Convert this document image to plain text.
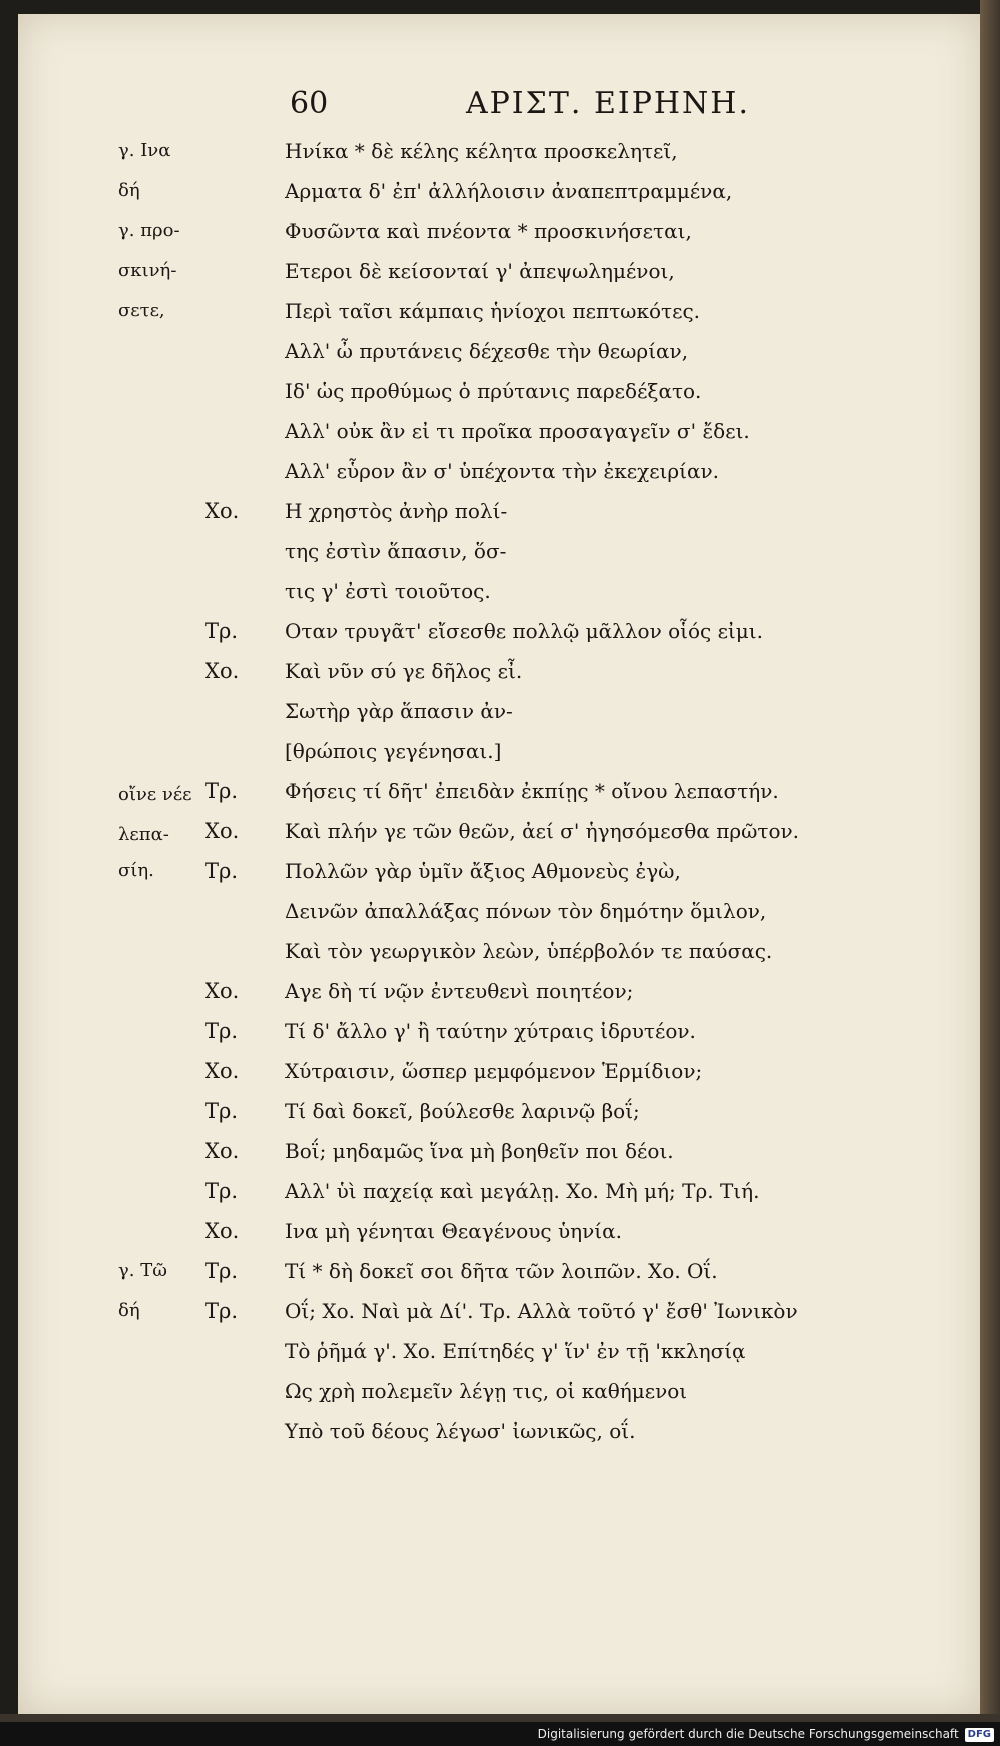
60	ΑΡΙΣΤ. ΕΙΡΗΝΗ.
Ηνίκα * δὲ κέλης κέλητα προσκελητεῖ,
Αρματα δ' ἐπ' ἀλλήλοισιν ἀναπεπτραμμένα,
Φυσῶντα καὶ πνέοντα * προσκινήσεται,
Ετεροι δὲ κείσονταί γ' ἀπεψωλημένοι,
Περὶ ταῖσι κάμπαις ἡνίοχοι πεπτωκότες.
Αλλ' ὦ πρυτάνεις δέχεσθε τὴν θεωρίαν,
Ιδ' ὡς προθύμως ὁ πρύτανις παρεδέξατο.
Αλλ' οὐκ ἂν εἰ τι προῖκα προσαγαγεῖν σ' ἔδει.
Αλλ' εὗρον ἂν σ' ὑπέχοντα τὴν ἐκεχειρίαν.
Χο. Η χρηστὸς ἀνὴρ πολί-
της ἐστὶν ἅπασιν, ὅσ-
τις γ' ἐστὶ τοιοῦτος.
Τρ. Οταν τρυγᾶτ' εἴσεσθε πολλῷ μᾶλλον οἷός εἰμι.
Χο. Καὶ νῦν σύ γε δῆλος εἶ.
Σωτὴρ γὰρ ἅπασιν ἀν-
[θρώποις γεγένησαι.]
Τρ. Φήσεις τί δῆτ' ἐπειδὰν ἐκπίῃς * οἴνου λεπαστήν.
Χο. Καὶ πλήν γε τῶν θεῶν, ἀεί σ' ἡγησόμεσθα πρῶτον.
Τρ. Πολλῶν γὰρ ὑμῖν ἄξιος Αθμονεὺς ἐγὼ,
Δεινῶν ἀπαλλάξας πόνων τὸν δημότην ὅμιλον,
Καὶ τὸν γεωργικὸν λεὼν, ὑπέρβολόν τε παύσας.
Χο. Αγε δὴ τί νῷν ἐντευθενὶ ποιητέον;
Τρ. Τί δ' ἄλλο γ' ἢ ταύτην χύτραις ἱδρυτέον.
Χο. Χύτραισιν, ὥσπερ μεμφόμενον Ἑρμίδιον;
Τρ. Τί δαὶ δοκεῖ, βούλεσθε λαρινῷ βοΐ;
Χο. Βοΐ; μηδαμῶς ἵνα μὴ βοηθεῖν ποι δέοι.
Τρ. Αλλ' ὑὶ παχείᾳ καὶ μεγάλῃ. Χο. Μὴ μή; Τρ. Τιή.
Χο. Ινα μὴ γένηται Θεαγένους ὑηνία.
Τρ. Τί * δὴ δοκεῖ σοι δῆτα τῶν λοιπῶν. Χο. Οΐ.
Τρ. Οΐ; Χο. Ναὶ μὰ Δί'. Τρ. Αλλὰ τοῦτό γ' ἔσθ' Ἰωνικὸν
Τὸ ῥῆμά γ'. Χο. Επίτηδές γ' ἵν' ἐν τῇ 'κκλησίᾳ
Ως χρὴ πολεμεῖν λέγῃ τις, οἱ καθήμενοι
Υπὸ τοῦ δέους λέγωσ' ἰωνικῶς, οΐ.
γ. Ινα
δή
γ. προ-
σκινή-
σετε,
οἴνε νέε
λεπα-
σίη.
γ. Τῶ
δή
Digitalisierung gefördert durch die Deutsche Forschungsgemeinschaft DFG
